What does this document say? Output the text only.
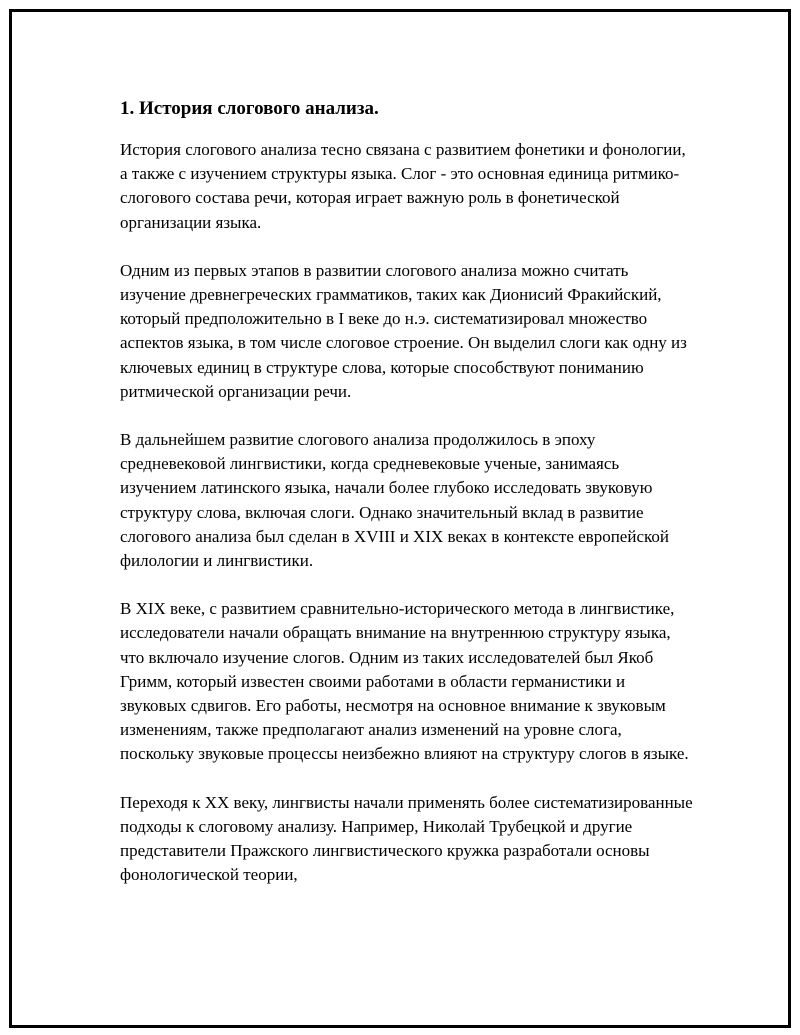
1. История слогового анализа.

История слогового анализа тесно связана с развитием фонетики и фонологии, а также с изучением структуры языка. Слог - это основная единица ритмико-слогового состава речи, которая играет важную роль в фонетической организации языка.

Одним из первых этапов в развитии слогового анализа можно считать изучение древнегреческих грамматиков, таких как Дионисий Фракийский, который предположительно в I веке до н.э. систематизировал множество аспектов языка, в том числе слоговое строение. Он выделил слоги как одну из ключевых единиц в структуре слова, которые способствуют пониманию ритмической организации речи.

В дальнейшем развитие слогового анализа продолжилось в эпоху средневековой лингвистики, когда средневековые ученые, занимаясь изучением латинского языка, начали более глубоко исследовать звуковую структуру слова, включая слоги. Однако значительный вклад в развитие слогового анализа был сделан в XVIII и XIX веках в контексте европейской филологии и лингвистики.

В XIX веке, с развитием сравнительно-исторического метода в лингвистике, исследователи начали обращать внимание на внутреннюю структуру языка, что включало изучение слогов. Одним из таких исследователей был Якоб Гримм, который известен своими работами в области германистики и звуковых сдвигов. Его работы, несмотря на основное внимание к звуковым изменениям, также предполагают анализ изменений на уровне слога, поскольку звуковые процессы неизбежно влияют на структуру слогов в языке.

Переходя к XX веку, лингвисты начали применять более систематизированные подходы к слоговому анализу. Например, Николай Трубецкой и другие представители Пражского лингвистического кружка разработали основы фонологической теории,
